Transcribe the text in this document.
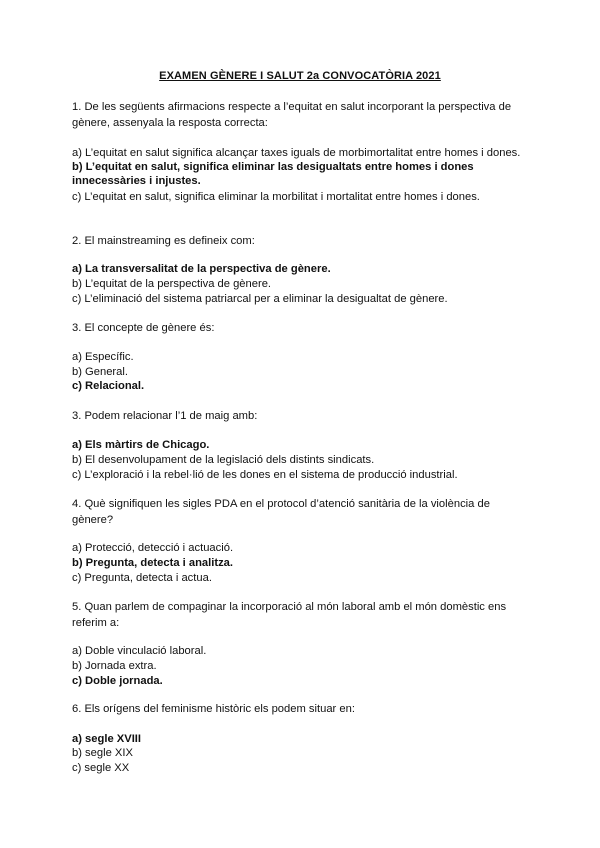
EXAMEN GÈNERE I SALUT 2a CONVOCATÒRIA 2021
1. De les següents afirmacions respecte a l’equitat en salut incorporant la perspectiva de
gènere, assenyala la resposta correcta:
a) L’equitat en salut significa alcançar taxes iguals de morbimortalitat entre homes i dones.
b) L’equitat en salut, significa eliminar las desigualtats entre homes i dones
innecessàries i injustes.
c) L’equitat en salut, significa eliminar la morbilitat i mortalitat entre homes i dones.
2. El mainstreaming es defineix com:
a) La transversalitat de la perspectiva de gènere.
b) L’equitat de la perspectiva de gènere.
c) L’eliminació del sistema patriarcal per a eliminar la desigualtat de gènere.
3. El concepte de gènere és:
a) Específic.
b) General.
c) Relacional.
3. Podem relacionar l’1 de maig amb:
a) Els màrtirs de Chicago.
b) El desenvolupament de la legislació dels distints sindicats.
c) L’exploració i la rebel·lió de les dones en el sistema de producció industrial.
4. Què signifiquen les sigles PDA en el protocol d’atenció sanitària de la violència de
gènere?
a) Protecció, detecció i actuació.
b) Pregunta, detecta i analitza.
c) Pregunta, detecta i actua.
5. Quan parlem de compaginar la incorporació al món laboral amb el món domèstic ens
referim a:
a) Doble vinculació laboral.
b) Jornada extra.
c) Doble jornada.
6. Els orígens del feminisme històric els podem situar en:
a) segle XVIII
b) segle XIX
c) segle XX
